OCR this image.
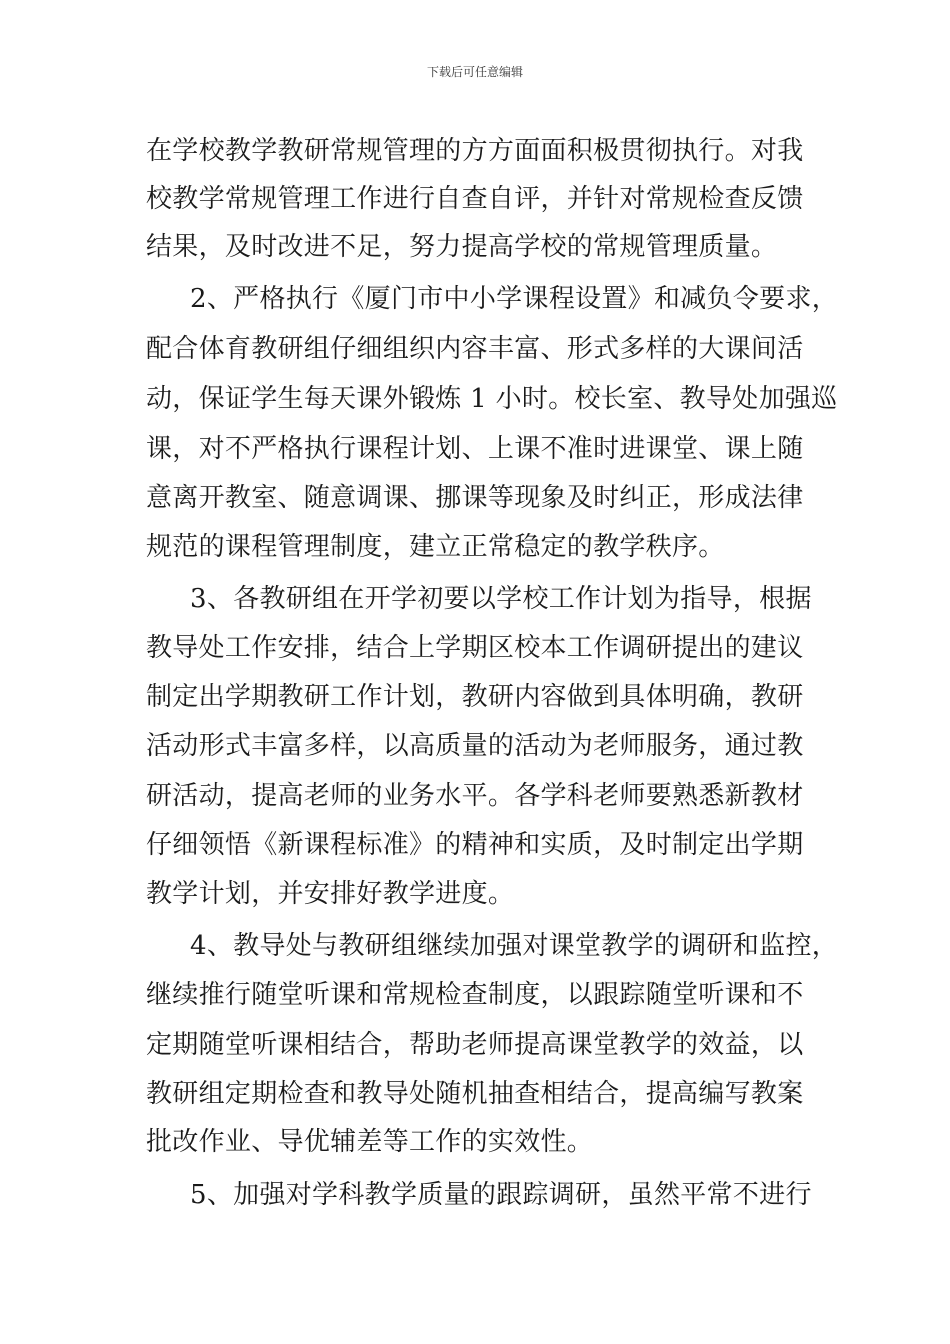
下载后可任意编辑
在学校教学教研常规管理的方方面面积极贯彻执行。对我
校教学常规管理工作进行自查自评，并针对常规检查反馈
结果，及时改进不足，努力提高学校的常规管理质量。
2、严格执行《厦门市中小学课程设置》和减负令要求，
配合体育教研组仔细组织内容丰富、形式多样的大课间活
动，保证学生每天课外锻炼 1 小时。校长室、教导处加强巡
课，对不严格执行课程计划、上课不准时进课堂、课上随
意离开教室、随意调课、挪课等现象及时纠正，形成法律
规范的课程管理制度，建立正常稳定的教学秩序。
3、各教研组在开学初要以学校工作计划为指导，根据
教导处工作安排，结合上学期区校本工作调研提出的建议
制定出学期教研工作计划，教研内容做到具体明确，教研
活动形式丰富多样，以高质量的活动为老师服务，通过教
研活动，提高老师的业务水平。各学科老师要熟悉新教材
仔细领悟《新课程标准》的精神和实质，及时制定出学期
教学计划，并安排好教学进度。
4、教导处与教研组继续加强对课堂教学的调研和监控，
继续推行随堂听课和常规检查制度，以跟踪随堂听课和不
定期随堂听课相结合，帮助老师提高课堂教学的效益，以
教研组定期检查和教导处随机抽查相结合，提高编写教案
批改作业、导优辅差等工作的实效性。
5、加强对学科教学质量的跟踪调研，虽然平常不进行
